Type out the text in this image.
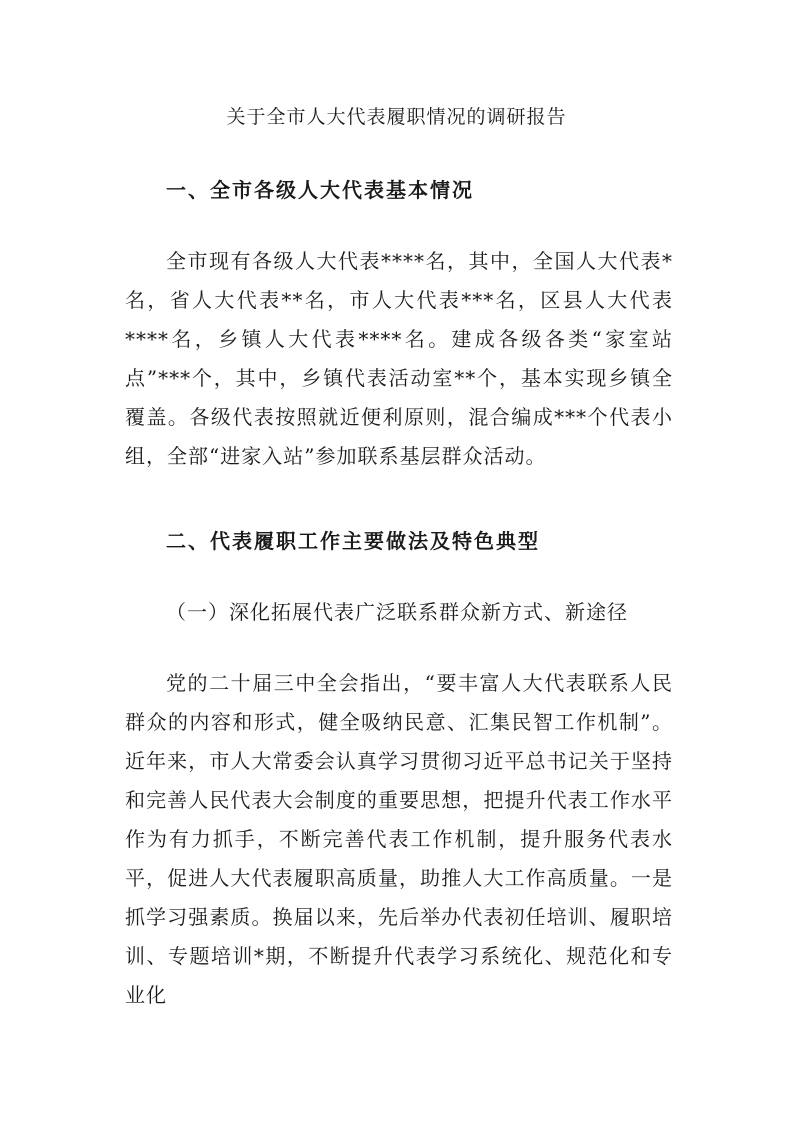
关于全市人大代表履职情况的调研报告
一、全市各级人大代表基本情况

全市现有各级人大代表****名，其中，全国人大代表*名，省人大代表**名，市人大代表***名，区县人大代表****名，乡镇人大代表****名。建成各级各类“家室站点”***个，其中，乡镇代表活动室**个，基本实现乡镇全覆盖。各级代表按照就近便利原则，混合编成***个代表小组，全部“进家入站”参加联系基层群众活动。

二、代表履职工作主要做法及特色典型
（一）深化拓展代表广泛联系群众新方式、新途径

党的二十届三中全会指出，“要丰富人大代表联系人民群众的内容和形式，健全吸纳民意、汇集民智工作机制”。近年来，市人大常委会认真学习贯彻习近平总书记关于坚持和完善人民代表大会制度的重要思想，把提升代表工作水平作为有力抓手，不断完善代表工作机制，提升服务代表水平，促进人大代表履职高质量，助推人大工作高质量。一是抓学习强素质。换届以来，先后举办代表初任培训、履职培训、专题培训*期，不断提升代表学习系统化、规范化和专业化
